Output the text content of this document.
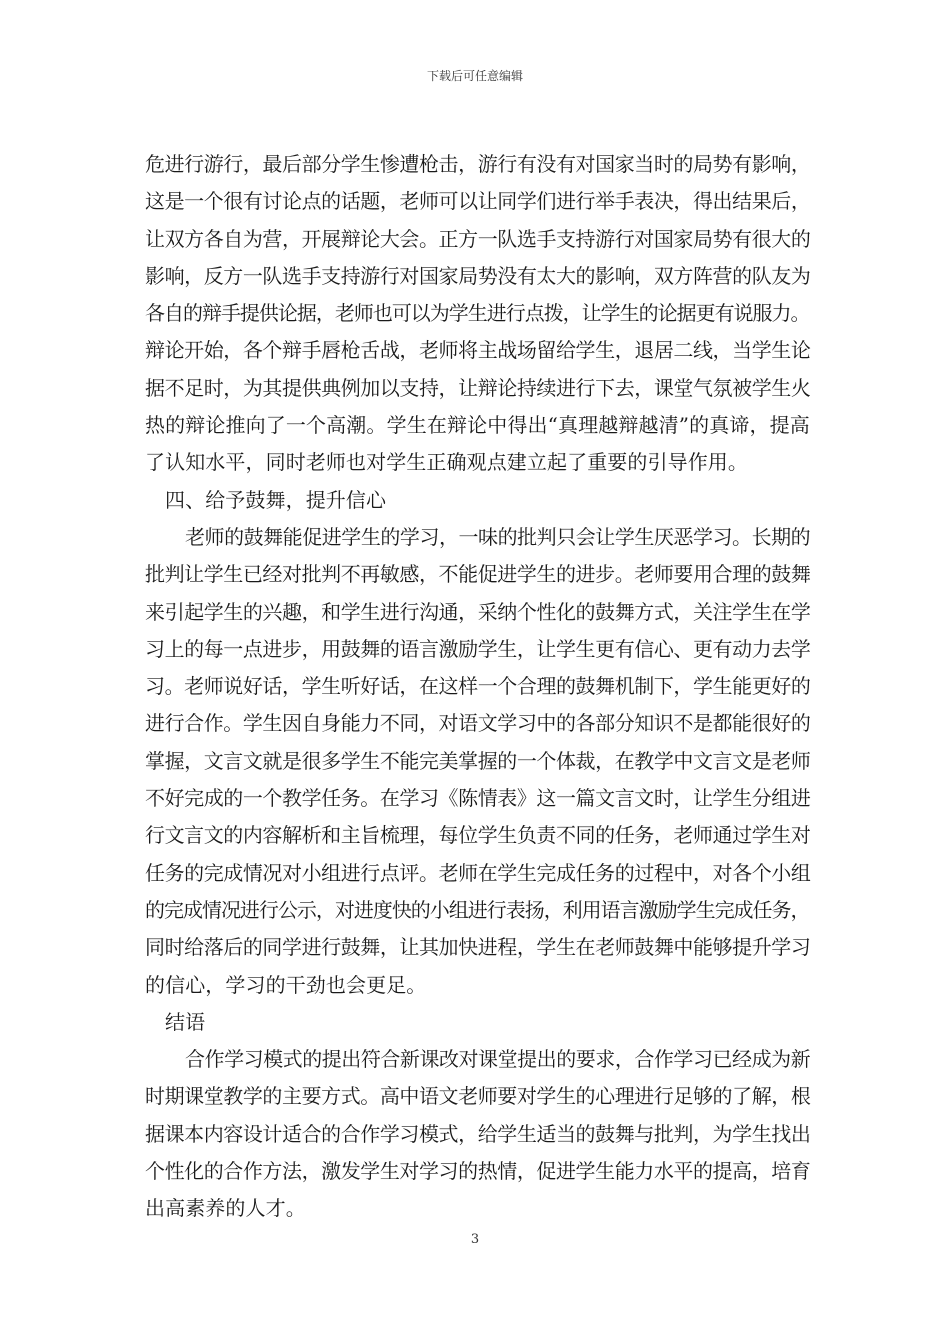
下载后可任意编辑
危进行游行，最后部分学生惨遭枪击，游行有没有对国家当时的局势有影响，
这是一个很有讨论点的话题，老师可以让同学们进行举手表决，得出结果后，
让双方各自为营，开展辩论大会。正方一队选手支持游行对国家局势有很大的
影响，反方一队选手支持游行对国家局势没有太大的影响，双方阵营的队友为
各自的辩手提供论据，老师也可以为学生进行点拨，让学生的论据更有说服力。
辩论开始，各个辩手唇枪舌战，老师将主战场留给学生，退居二线，当学生论
据不足时，为其提供典例加以支持，让辩论持续进行下去，课堂气氛被学生火
热的辩论推向了一个高潮。学生在辩论中得出“真理越辩越清”的真谛，提高
了认知水平，同时老师也对学生正确观点建立起了重要的引导作用。
四、给予鼓舞，提升信心
老师的鼓舞能促进学生的学习，一味的批判只会让学生厌恶学习。长期的
批判让学生已经对批判不再敏感，不能促进学生的进步。老师要用合理的鼓舞
来引起学生的兴趣，和学生进行沟通，采纳个性化的鼓舞方式，关注学生在学
习上的每一点进步，用鼓舞的语言激励学生，让学生更有信心、更有动力去学
习。老师说好话，学生听好话，在这样一个合理的鼓舞机制下，学生能更好的
进行合作。学生因自身能力不同，对语文学习中的各部分知识不是都能很好的
掌握，文言文就是很多学生不能完美掌握的一个体裁，在教学中文言文是老师
不好完成的一个教学任务。在学习《陈情表》这一篇文言文时，让学生分组进
行文言文的内容解析和主旨梳理，每位学生负责不同的任务，老师通过学生对
任务的完成情况对小组进行点评。老师在学生完成任务的过程中，对各个小组
的完成情况进行公示，对进度快的小组进行表扬，利用语言激励学生完成任务，
同时给落后的同学进行鼓舞，让其加快进程，学生在老师鼓舞中能够提升学习
的信心，学习的干劲也会更足。
结语
合作学习模式的提出符合新课改对课堂提出的要求，合作学习已经成为新
时期课堂教学的主要方式。高中语文老师要对学生的心理进行足够的了解，根
据课本内容设计适合的合作学习模式，给学生适当的鼓舞与批判，为学生找出
个性化的合作方法，激发学生对学习的热情，促进学生能力水平的提高，培育
出高素养的人才。
3
